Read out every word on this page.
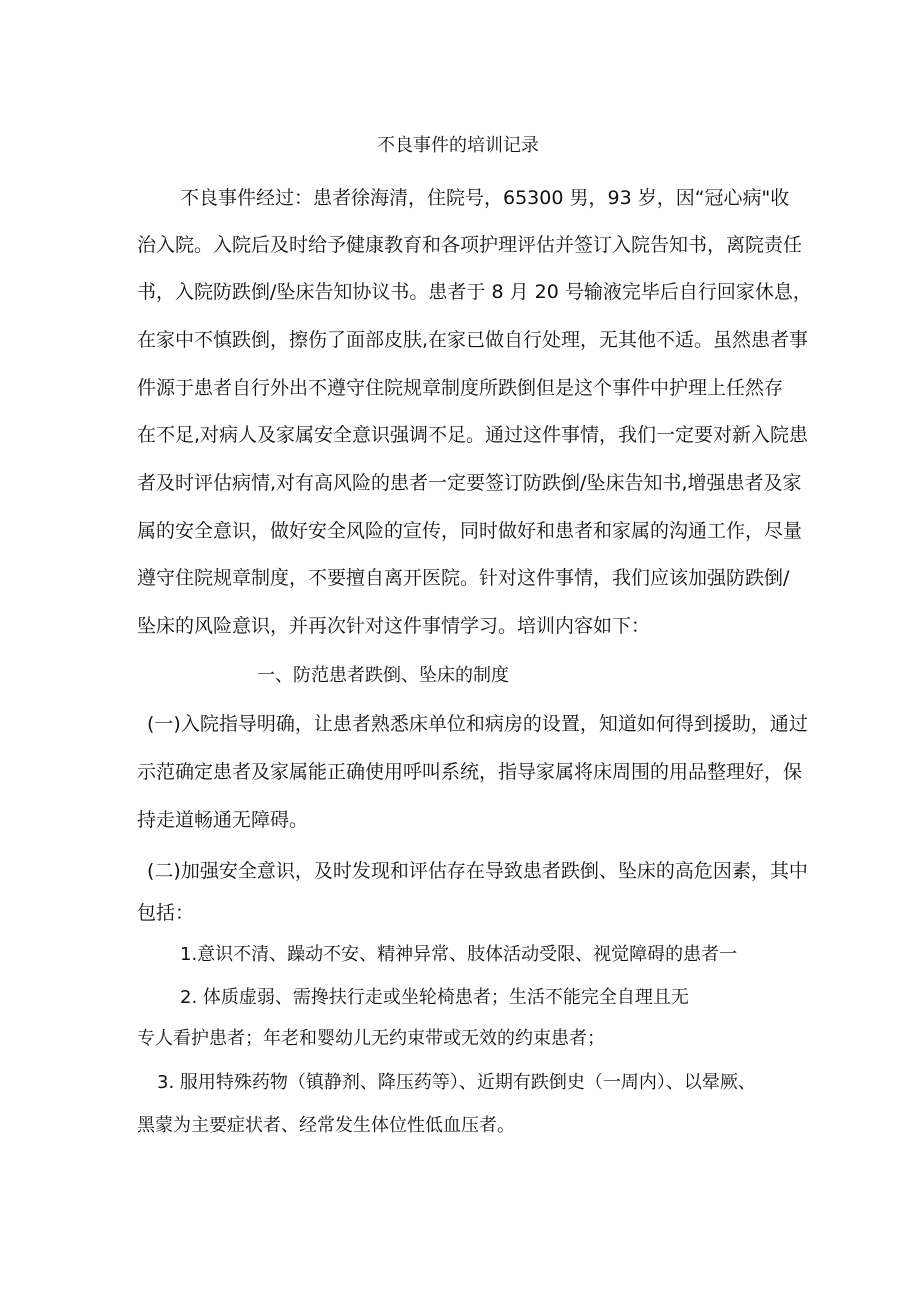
不良事件的培训记录

不良事件经过：患者徐海清，住院号，65300 男，93 岁，因“冠心病"收

治入院。入院后及时给予健康教育和各项护理评估并签订入院告知书，离院责任

书，入院防跌倒/坠床告知协议书。患者于 8 月 20 号输液完毕后自行回家休息，

在家中不慎跌倒，擦伤了面部皮肤,在家已做自行处理，无其他不适。虽然患者事

件源于患者自行外出不遵守住院规章制度所跌倒但是这个事件中护理上任然存

在不足,对病人及家属安全意识强调不足。通过这件事情，我们一定要对新入院患

者及时评估病情,对有高风险的患者一定要签订防跌倒/坠床告知书,增强患者及家

属的安全意识，做好安全风险的宣传，同时做好和患者和家属的沟通工作，尽量

遵守住院规章制度，不要擅自离开医院。针对这件事情，我们应该加强防跌倒/

坠床的风险意识，并再次针对这件事情学习。培训内容如下：

一、防范患者跌倒、坠床的制度

(一)入院指导明确，让患者熟悉床单位和病房的设置，知道如何得到援助，通过

示范确定患者及家属能正确使用呼叫系统，指导家属将床周围的用品整理好，保

持走道畅通无障碍。

(二)加强安全意识，及时发现和评估存在导致患者跌倒、坠床的高危因素，其中

包括：

1.意识不清、躁动不安、精神异常、肢体活动受限、视觉障碍的患者一

2. 体质虚弱、需搀扶行走或坐轮椅患者；生活不能完全自理且无

专人看护患者；年老和婴幼儿无约束带或无效的约束患者；

3. 服用特殊药物（镇静剂、降压药等）、近期有跌倒史（一周内）、以晕厥、

黑蒙为主要症状者、经常发生体位性低血压者。
